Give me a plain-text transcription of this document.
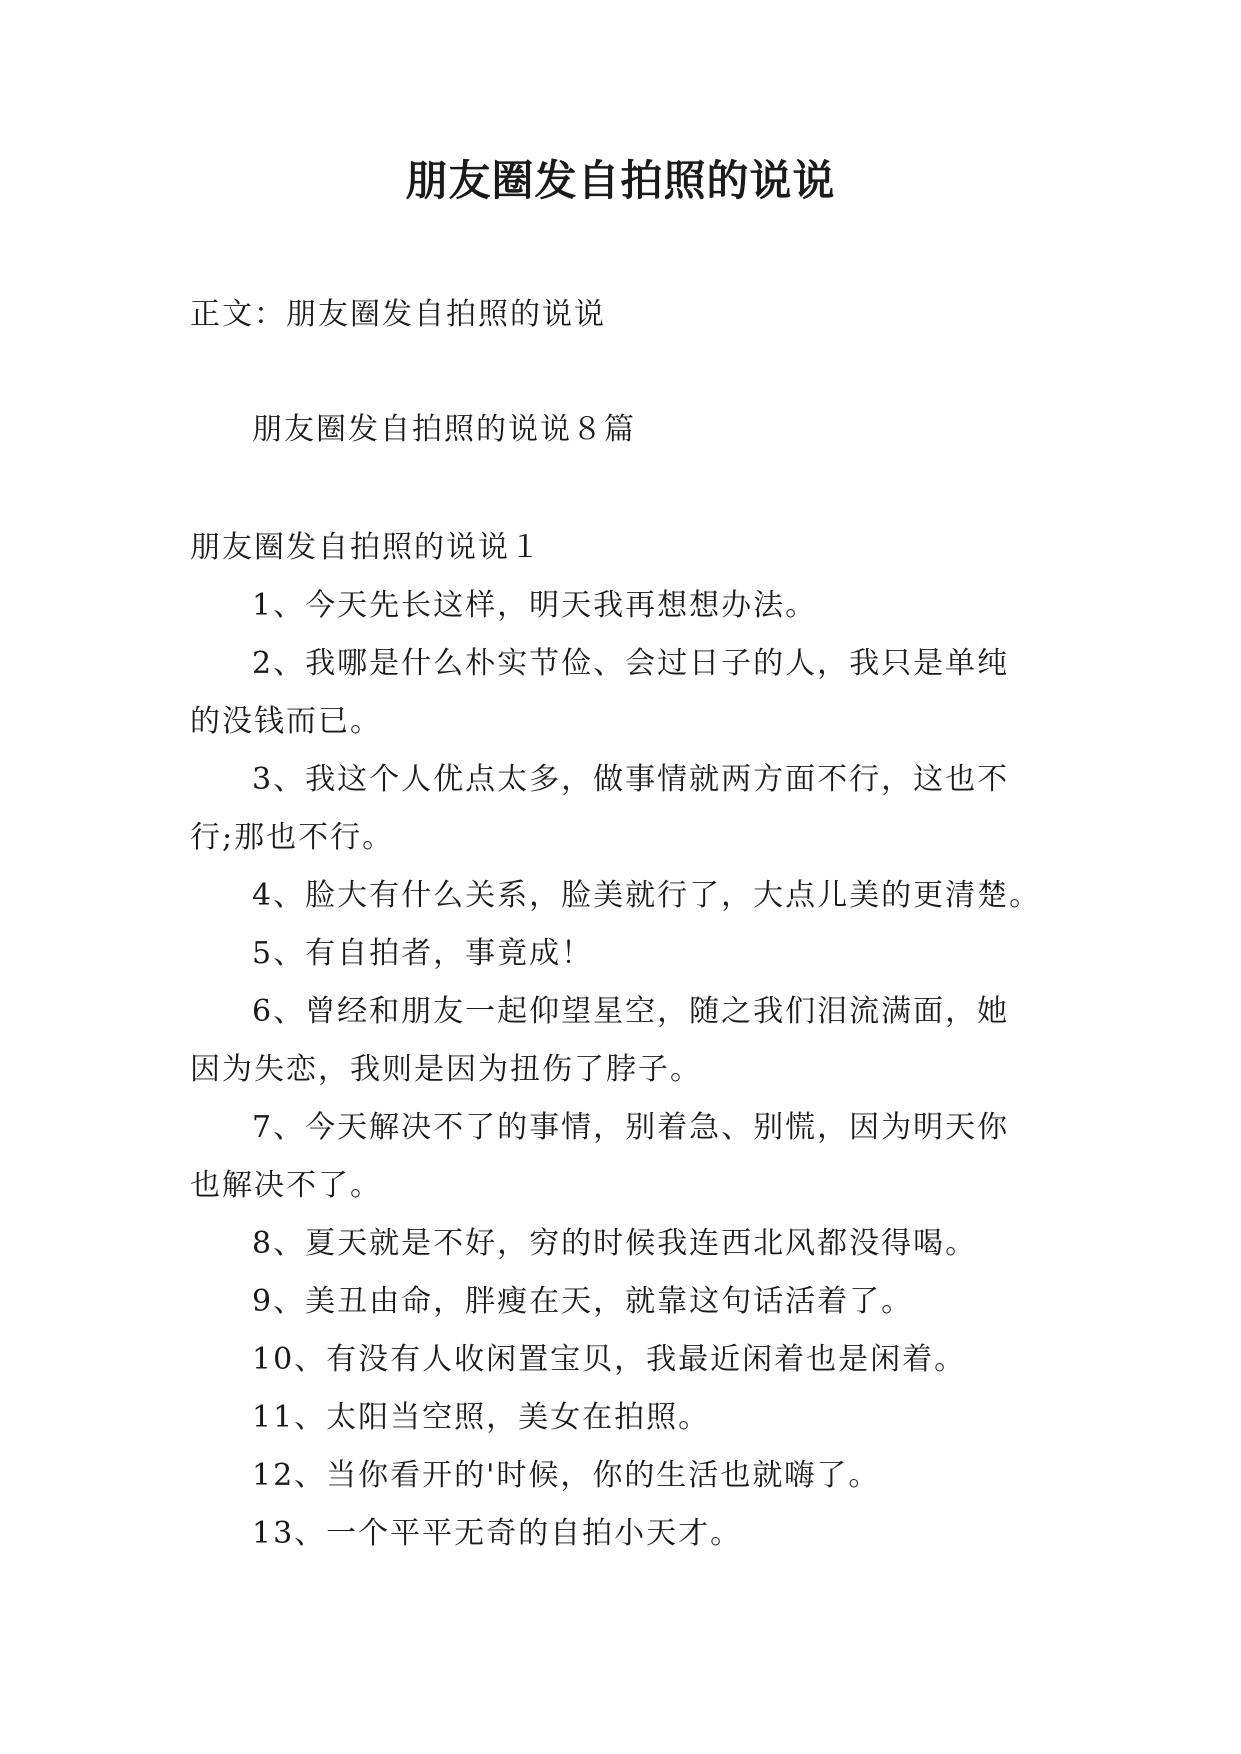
朋友圈发自拍照的说说

正文：朋友圈发自拍照的说说

朋友圈发自拍照的说说８篇

朋友圈发自拍照的说说１

1、今天先长这样，明天我再想想办法。

2、我哪是什么朴实节俭、会过日子的人，我只是单纯

的没钱而已。

3、我这个人优点太多，做事情就两方面不行，这也不

行;那也不行。

4、脸大有什么关系，脸美就行了，大点儿美的更清楚。

5、有自拍者，事竟成！

6、曾经和朋友一起仰望星空，随之我们泪流满面，她

因为失恋，我则是因为扭伤了脖子。

7、今天解决不了的事情，别着急、别慌，因为明天你

也解决不了。

8、夏天就是不好，穷的时候我连西北风都没得喝。

9、美丑由命，胖瘦在天，就靠这句话活着了。

10、有没有人收闲置宝贝，我最近闲着也是闲着。

11、太阳当空照，美女在拍照。

12、当你看开的'时候，你的生活也就嗨了。

13、一个平平无奇的自拍小天才。
